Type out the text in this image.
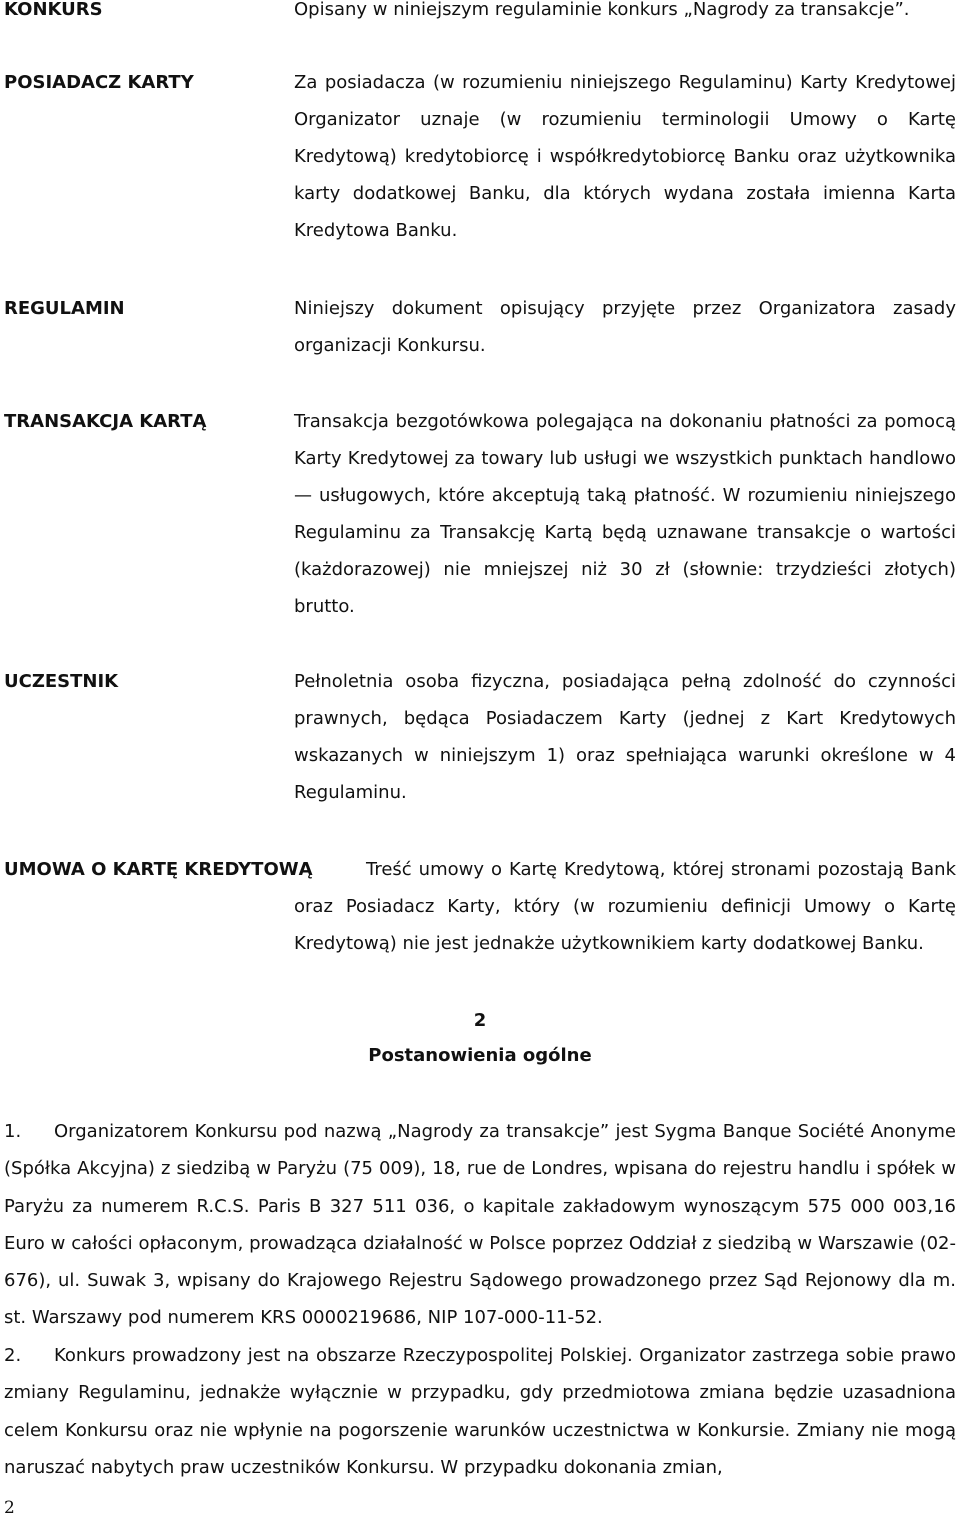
KONKURS	Opisany w niniejszym regulaminie konkurs „Nagrody za transakcje”.
POSIADACZ KARTY	Za posiadacza (w rozumieniu niniejszego Regulaminu) Karty Kredytowej Organizator uznaje (w rozumieniu terminologii Umowy o Kartę Kredytową) kredytobiorcę i współkredytobiorcę Banku oraz użytkownika karty dodatkowej Banku, dla których wydana została imienna Karta Kredytowa Banku.
REGULAMIN	Niniejszy dokument opisujący przyjęte przez Organizatora zasady organizacji Konkursu.
TRANSAKCJA KARTĄ	Transakcja bezgotówkowa polegająca na dokonaniu płatności za pomocą Karty Kredytowej za towary lub usługi we wszystkich punktach handlowo — usługowych, które akceptują taką płatność. W rozumieniu niniejszego Regulaminu za Transakcję Kartą będą uznawane transakcje o wartości (każdorazowej) nie mniejszej niż 30 zł (słownie: trzydzieści złotych) brutto.
UCZESTNIK	Pełnoletnia osoba fizyczna, posiadająca pełną zdolność do czynności prawnych, będąca Posiadaczem Karty (jednej z Kart Kredytowych wskazanych w niniejszym 1) oraz spełniająca warunki określone w 4 Regulaminu.
UMOWA O KARTĘ KREDYTOWĄ	Treść umowy o Kartę Kredytową, której stronami pozostają Bank oraz Posiadacz Karty, który (w rozumieniu definicji Umowy o Kartę Kredytową) nie jest jednakże użytkownikiem karty dodatkowej Banku.
2
Postanowienia ogólne
1. Organizatorem Konkursu pod nazwą „Nagrody za transakcje” jest Sygma Banque Société Anonyme (Spółka Akcyjna) z siedzibą w Paryżu (75 009), 18, rue de Londres, wpisana do rejestru handlu i spółek w Paryżu za numerem R.C.S. Paris B 327 511 036, o kapitale zakładowym wynoszącym 575 000 003,16 Euro w całości opłaconym, prowadząca działalność w Polsce poprzez Oddział z siedzibą w Warszawie (02-676), ul. Suwak 3, wpisany do Krajowego Rejestru Sądowego prowadzonego przez Sąd Rejonowy dla m. st. Warszawy pod numerem KRS 0000219686, NIP 107-000-11-52.
2. Konkurs prowadzony jest na obszarze Rzeczypospolitej Polskiej. Organizator zastrzega sobie prawo zmiany Regulaminu, jednakże wyłącznie w przypadku, gdy przedmiotowa zmiana będzie uzasadniona celem Konkursu oraz nie wpłynie na pogorszenie warunków uczestnictwa w Konkursie. Zmiany nie mogą naruszać nabytych praw uczestników Konkursu. W przypadku dokonania zmian,
2
